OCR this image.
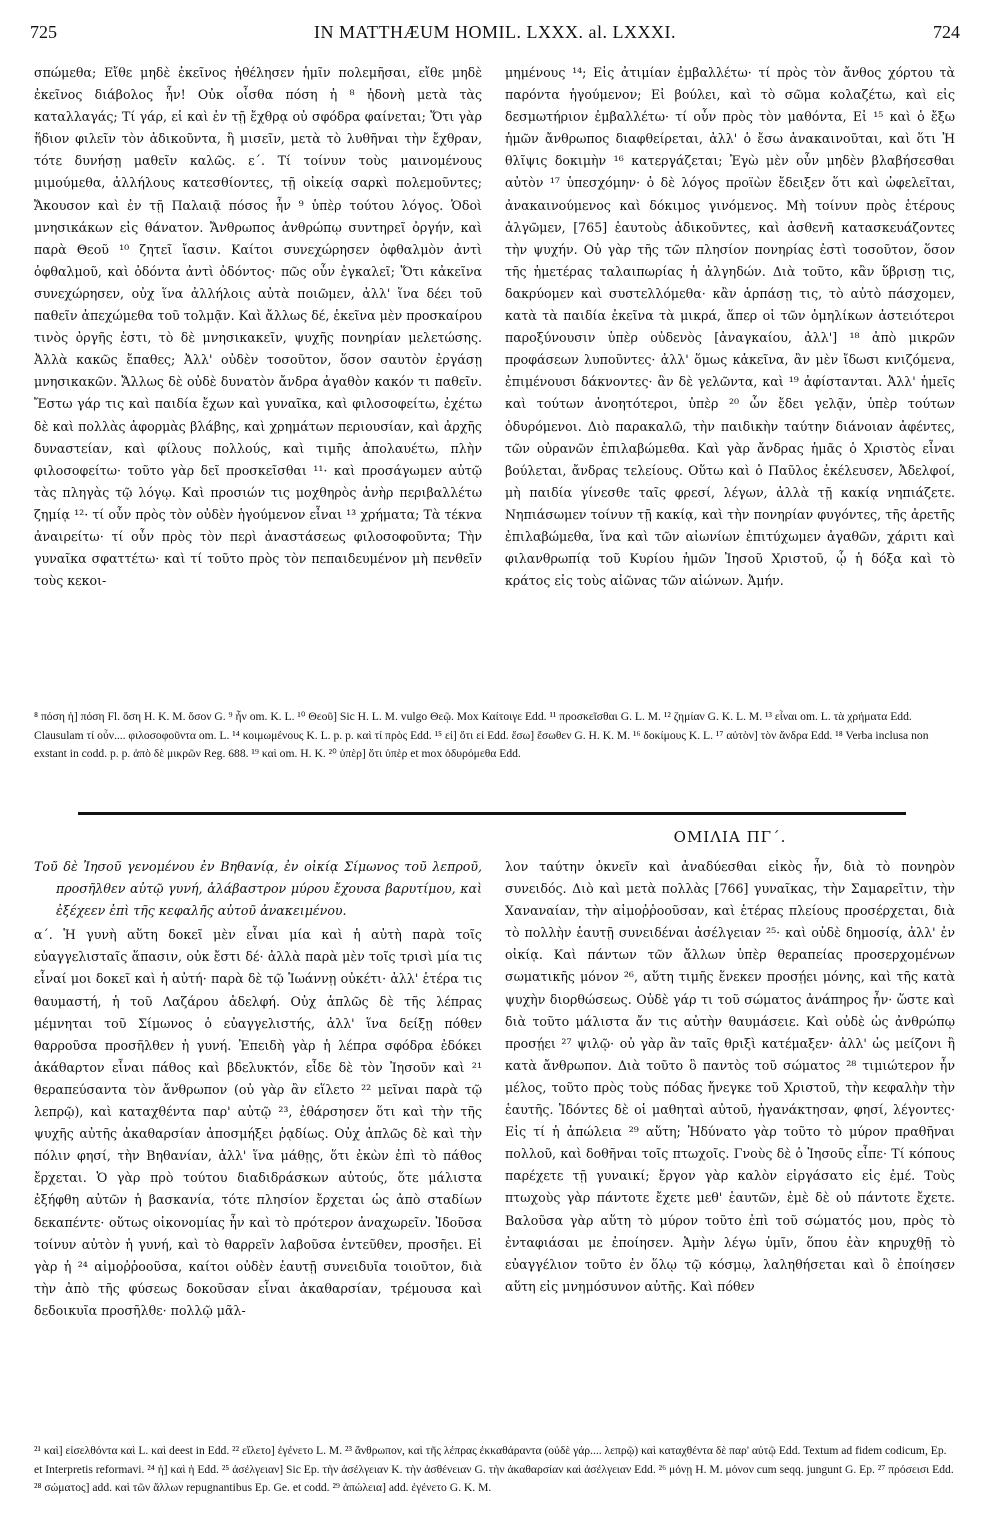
725	IN MATTHÆUM HOMIL. LXXX. al. LXXXI.	724

σπώμεθα; Εἴθε μηδὲ ἐκεῖνος ἠθέλησεν ἡμῖν πολεμῆσαι, εἴθε μηδὲ ἐκεῖνος διάβολος ἦν! Οὐκ οἶσθα πόση ἡ ⁸ ἡδονὴ μετὰ τὰς καταλλαγάς; Τί γάρ, εἰ καὶ ἐν τῇ ἔχθρᾳ οὐ σφόδρα φαίνεται; Ὅτι γὰρ ἥδιον φιλεῖν τὸν ἀδικοῦντα, ἢ μισεῖν, μετὰ τὸ λυθῆναι τὴν ἔχθραν, τότε δυνήσῃ μαθεῖν καλῶς. ε΄. Τί τοίνυν τοὺς μαινομένους μιμούμεθα, ἀλλήλους κατεσθίοντες, τῇ οἰκείᾳ σαρκὶ πολεμοῦντες; Ἄκουσον καὶ ἐν τῇ Παλαιᾷ πόσος ἦν ⁹ ὑπὲρ τούτου λόγος. Ὁδοὶ μνησικάκων εἰς θάνατον. Ἄνθρωπος ἀνθρώπῳ συντηρεῖ ὀργήν, καὶ παρὰ Θεοῦ ¹⁰ ζητεῖ ἴασιν. Καίτοι συνεχώρησεν ὀφθαλμὸν ἀντὶ ὀφθαλμοῦ, καὶ ὀδόντα ἀντὶ ὀδόντος· πῶς οὖν ἐγκαλεῖ; Ὅτι κἀκεῖνα συνεχώρησεν, οὐχ ἵνα ἀλλήλοις αὐτὰ ποιῶμεν, ἀλλ' ἵνα δέει τοῦ παθεῖν ἀπεχώμεθα τοῦ τολμᾷν. Καὶ ἄλλως δέ, ἐκεῖνα μὲν προσκαίρου τινὸς ὀργῆς ἐστι, τὸ δὲ μνησικακεῖν, ψυχῆς πονηρίαν μελετώσης. Ἀλλὰ κακῶς ἔπαθες; Ἀλλ' οὐδὲν τοσοῦτον, ὅσον σαυτὸν ἐργάσῃ μνησικακῶν. Ἄλλως δὲ οὐδὲ δυνατὸν ἄνδρα ἀγαθὸν κακόν τι παθεῖν. Ἔστω γάρ τις καὶ παιδία ἔχων καὶ γυναῖκα, καὶ φιλοσοφείτω, ἐχέτω δὲ καὶ πολλὰς ἀφορμὰς βλάβης, καὶ χρημάτων περιουσίαν, καὶ ἀρχῆς δυναστείαν, καὶ φίλους πολλούς, καὶ τιμῆς ἀπολαυέτω, πλὴν φιλοσοφείτω· τοῦτο γὰρ δεῖ προσκεῖσθαι ¹¹· καὶ προσάγωμεν αὐτῷ τὰς πληγὰς τῷ λόγῳ. Καὶ προσιών τις μοχθηρὸς ἀνὴρ περιβαλλέτω ζημίᾳ ¹²· τί οὖν πρὸς τὸν οὐδὲν ἡγούμενον εἶναι ¹³ χρήματα; Τὰ τέκνα ἀναιρείτω· τί οὖν πρὸς τὸν περὶ ἀναστάσεως φιλοσοφοῦντα; Τὴν γυναῖκα σφαττέτω· καὶ τί τοῦτο πρὸς τὸν πεπαιδευμένον μὴ πενθεῖν τοὺς κεκοι-

μημένους ¹⁴; Εἰς ἀτιμίαν ἐμβαλλέτω· τί πρὸς τὸν ἄνθος χόρτου τὰ παρόντα ἡγούμενον; Εἰ βούλει, καὶ τὸ σῶμα κολαζέτω, καὶ εἰς δεσμωτήριον ἐμβαλλέτω· τί οὖν πρὸς τὸν μαθόντα, Εἰ ¹⁵ καὶ ὁ ἔξω ἡμῶν ἄνθρωπος διαφθείρεται, ἀλλ' ὁ ἔσω ἀνακαινοῦται, καὶ ὅτι Ἡ θλῖψις δοκιμὴν ¹⁶ κατεργάζεται; Ἐγὼ μὲν οὖν μηδὲν βλαβήσεσθαι αὐτὸν ¹⁷ ὑπεσχόμην· ὁ δὲ λόγος προϊὼν ἔδειξεν ὅτι καὶ ὠφελεῖται, ἀνακαινούμενος καὶ δόκιμος γινόμενος. Μὴ τοίνυν πρὸς ἑτέρους ἀλγῶμεν, [765] ἑαυτοὺς ἀδικοῦντες, καὶ ἀσθενῆ κατασκευάζοντες τὴν ψυχήν. Οὐ γὰρ τῆς τῶν πλησίον πονηρίας ἐστὶ τοσοῦτον, ὅσον τῆς ἡμετέρας ταλαιπωρίας ἡ ἀλγηδών. Διὰ τοῦτο, κἂν ὕβρισῃ τις, δακρύομεν καὶ συστελλόμεθα· κἂν ἁρπάσῃ τις, τὸ αὐτὸ πάσχομεν, κατὰ τὰ παιδία ἐκεῖνα τὰ μικρά, ἅπερ οἱ τῶν ὁμηλίκων ἀστειότεροι παροξύνουσιν ὑπὲρ οὐδενὸς [ἀναγκαίου, ἀλλ'] ¹⁸ ἀπὸ μικρῶν προφάσεων λυποῦντες· ἀλλ' ὅμως κἀκεῖνα, ἂν μὲν ἴδωσι κνιζόμενα, ἐπιμένουσι δάκνοντες· ἂν δὲ γελῶντα, καὶ ¹⁹ ἀφίστανται. Ἀλλ' ἡμεῖς καὶ τούτων ἀνοητότεροι, ὑπὲρ ²⁰ ὧν ἔδει γελᾷν, ὑπὲρ τούτων ὀδυρόμενοι. Διὸ παρακαλῶ, τὴν παιδικὴν ταύτην διάνοιαν ἀφέντες, τῶν οὐρανῶν ἐπιλαβώμεθα. Καὶ γὰρ ἄνδρας ἡμᾶς ὁ Χριστὸς εἶναι βούλεται, ἄνδρας τελείους. Οὕτω καὶ ὁ Παῦλος ἐκέλευσεν, Ἀδελφοί, μὴ παιδία γίνεσθε ταῖς φρεσί, λέγων, ἀλλὰ τῇ κακίᾳ νηπιάζετε. Νηπιάσωμεν τοίνυν τῇ κακίᾳ, καὶ τὴν πονηρίαν φυγόντες, τῆς ἀρετῆς ἐπιλαβώμεθα, ἵνα καὶ τῶν αἰωνίων ἐπιτύχωμεν ἀγαθῶν, χάριτι καὶ φιλανθρωπίᾳ τοῦ Κυρίου ἡμῶν Ἰησοῦ Χριστοῦ, ᾧ ἡ δόξα καὶ τὸ κράτος εἰς τοὺς αἰῶνας τῶν αἰώνων. Ἀμήν.

⁸ πόση ἡ] πόση Fl. ὅση H. K. M. ὅσον G. ⁹ ἦν om. K. L. ¹⁰ Θεοῦ] Sic H. L. M. vulgo Θεῷ. Mox Καίτοιγε Edd. ¹¹ προσκεῖσθαι G. L. M. ¹² ζημίαν G. K. L. M. ¹³ εἶναι om. L. τὰ χρήματα Edd. Clausulam τί οὖν.... φιλοσοφοῦντα om. L. ¹⁴ κοιμωμένους K. L. p. p. καὶ τί πρὸς Edd. ¹⁵ εἰ] ὅτι εἰ Edd. ἔσω] ἔσωθεν G. H. K. M. ¹⁶ δοκίμους K. L. ¹⁷ αὐτὸν] τὸν ἄνδρα Edd. ¹⁸ Verba inclusa non exstant in codd. p. p. ἀπὸ δὲ μικρῶν Reg. 688. ¹⁹ καὶ om. H. K. ²⁰ ὑπὲρ] ὅτι ὑπὲρ et mox ὀδυρόμεθα Edd.

Τοῦ δὲ Ἰησοῦ γενομένου ἐν Βηθανίᾳ, ἐν οἰκίᾳ Σίμωνος τοῦ λεπροῦ, προσῆλθεν αὐτῷ γυνή, ἀλάβαστρον μύρου ἔχουσα βαρυτίμου, καὶ ἐξέχεεν ἐπὶ τῆς κεφαλῆς αὐτοῦ ἀνακειμένου.

α΄. Ἡ γυνὴ αὕτη δοκεῖ μὲν εἶναι μία καὶ ἡ αὐτὴ παρὰ τοῖς εὐαγγελισταῖς ἅπασιν, οὐκ ἔστι δέ· ἀλλὰ παρὰ μὲν τοῖς τρισὶ μία τις εἶναί μοι δοκεῖ καὶ ἡ αὐτή· παρὰ δὲ τῷ Ἰωάννῃ οὐκέτι· ἀλλ' ἑτέρα τις θαυμαστή, ἡ τοῦ Λαζάρου ἀδελφή. Οὐχ ἁπλῶς δὲ τῆς λέπρας μέμνηται τοῦ Σίμωνος ὁ εὐαγγελιστής, ἀλλ' ἵνα δείξῃ πόθεν θαρροῦσα προσῆλθεν ἡ γυνή. Ἐπειδὴ γὰρ ἡ λέπρα σφόδρα ἐδόκει ἀκάθαρτον εἶναι πάθος καὶ βδελυκτόν, εἶδε δὲ τὸν Ἰησοῦν καὶ ²¹ θεραπεύσαντα τὸν ἄνθρωπον (οὐ γὰρ ἂν εἵλετο ²² μεῖναι παρὰ τῷ λεπρῷ), καὶ καταχθέντα παρ' αὐτῷ ²³, ἐθάρσησεν ὅτι καὶ τὴν τῆς ψυχῆς αὐτῆς ἀκαθαρσίαν ἀποσμήξει ῥᾳδίως. Οὐχ ἁπλῶς δὲ καὶ τὴν πόλιν φησί, τὴν Βηθανίαν, ἀλλ' ἵνα μάθῃς, ὅτι ἐκὼν ἐπὶ τὸ πάθος ἔρχεται. Ὁ γὰρ πρὸ τούτου διαδιδράσκων αὐτούς, ὅτε μάλιστα ἐξήφθη αὐτῶν ἡ βασκανία, τότε πλησίον ἔρχεται ὡς ἀπὸ σταδίων δεκαπέντε· οὕτως οἰκονομίας ἦν καὶ τὸ πρότερον ἀναχωρεῖν. Ἰδοῦσα τοίνυν αὐτὸν ἡ γυνή, καὶ τὸ θαρρεῖν λαβοῦσα ἐντεῦθεν, προσῆει. Εἰ γὰρ ἡ ²⁴ αἱμοῤῥοοῦσα, καίτοι οὐδὲν ἑαυτῇ συνειδυῖα τοιοῦτον, διὰ τὴν ἀπὸ τῆς φύσεως δοκοῦσαν εἶναι ἀκαθαρσίαν, τρέμουσα καὶ δεδοικυῖα προσῆλθε· πολλῷ μᾶλ-

λον ταύτην ὀκνεῖν καὶ ἀναδύεσθαι εἰκὸς ἦν, διὰ τὸ πονηρὸν συνειδός. Διὸ καὶ μετὰ πολλὰς [766] γυναῖκας, τὴν Σαμαρεῖτιν, τὴν Χαναναίαν, τὴν αἱμοῤῥοοῦσαν, καὶ ἑτέρας πλείους προσέρχεται, διὰ τὸ πολλὴν ἑαυτῇ συνειδέναι ἀσέλγειαν ²⁵· καὶ οὐδὲ δημοσίᾳ, ἀλλ' ἐν οἰκίᾳ. Καὶ πάντων τῶν ἄλλων ὑπὲρ θεραπείας προσερχομένων σωματικῆς μόνον ²⁶, αὕτη τιμῆς ἕνεκεν προσῄει μόνης, καὶ τῆς κατὰ ψυχὴν διορθώσεως. Οὐδὲ γάρ τι τοῦ σώματος ἀνάπηρος ἦν· ὥστε καὶ διὰ τοῦτο μάλιστα ἄν τις αὐτὴν θαυμάσειε. Καὶ οὐδὲ ὡς ἀνθρώπῳ προσῄει ²⁷ ψιλῷ· οὐ γὰρ ἂν ταῖς θριξὶ κατέμαξεν· ἀλλ' ὡς μείζονι ἢ κατὰ ἄνθρωπον. Διὰ τοῦτο ὃ παντὸς τοῦ σώματος ²⁸ τιμιώτερον ἦν μέλος, τοῦτο πρὸς τοὺς πόδας ἤνεγκε τοῦ Χριστοῦ, τὴν κεφαλὴν τὴν ἑαυτῆς. Ἰδόντες δὲ οἱ μαθηταὶ αὐτοῦ, ἠγανάκτησαν, φησί, λέγοντες· Εἰς τί ἡ ἀπώλεια ²⁹ αὕτη; Ἠδύνατο γὰρ τοῦτο τὸ μύρον πραθῆναι πολλοῦ, καὶ δοθῆναι τοῖς πτωχοῖς. Γνοὺς δὲ ὁ Ἰησοῦς εἶπε· Τί κόπους παρέχετε τῇ γυναικί; ἔργον γὰρ καλὸν εἰργάσατο εἰς ἐμέ. Τοὺς πτωχοὺς γὰρ πάντοτε ἔχετε μεθ' ἑαυτῶν, ἐμὲ δὲ οὐ πάντοτε ἔχετε. Βαλοῦσα γὰρ αὕτη τὸ μύρον τοῦτο ἐπὶ τοῦ σώματός μου, πρὸς τὸ ἐνταφιάσαι με ἐποίησεν. Ἀμὴν λέγω ὑμῖν, ὅπου ἐὰν κηρυχθῇ τὸ εὐαγγέλιον τοῦτο ἐν ὅλῳ τῷ κόσμῳ, λαληθήσεται καὶ ὃ ἐποίησεν αὕτη εἰς μνημόσυνον αὐτῆς. Καὶ πόθεν

ΟΜΙΛΙΑ ΠΓ΄.
²¹ καὶ] εἰσελθόντα καὶ L. καὶ deest in Edd. ²² εἵλετο] ἐγένετο L. M. ²³ ἄνθρωπον, καὶ τῆς λέπρας ἐκκαθάραντα (οὐδὲ γάρ.... λεπρῷ) καὶ καταχθέντα δὲ παρ' αὐτῷ Edd. Textum ad fidem codicum, Ep. et Interpretis reformavi. ²⁴ ἡ] καὶ ἡ Edd. ²⁵ ἀσέλγειαν] Sic Ep. τὴν ἀσέλγειαν K. τὴν ἀσθένειαν G. τὴν ἀκαθαρσίαν καὶ ἀσέλγειαν Edd. ²⁶ μόνῃ H. M. μόνον cum seqq. jungunt G. Ep. ²⁷ πρόσεισι Edd. ²⁸ σώματος] add. καὶ τῶν ἄλλων repugnantibus Ep. Ge. et codd. ²⁹ ἀπώλεια] add. ἐγένετο G. K. M.
